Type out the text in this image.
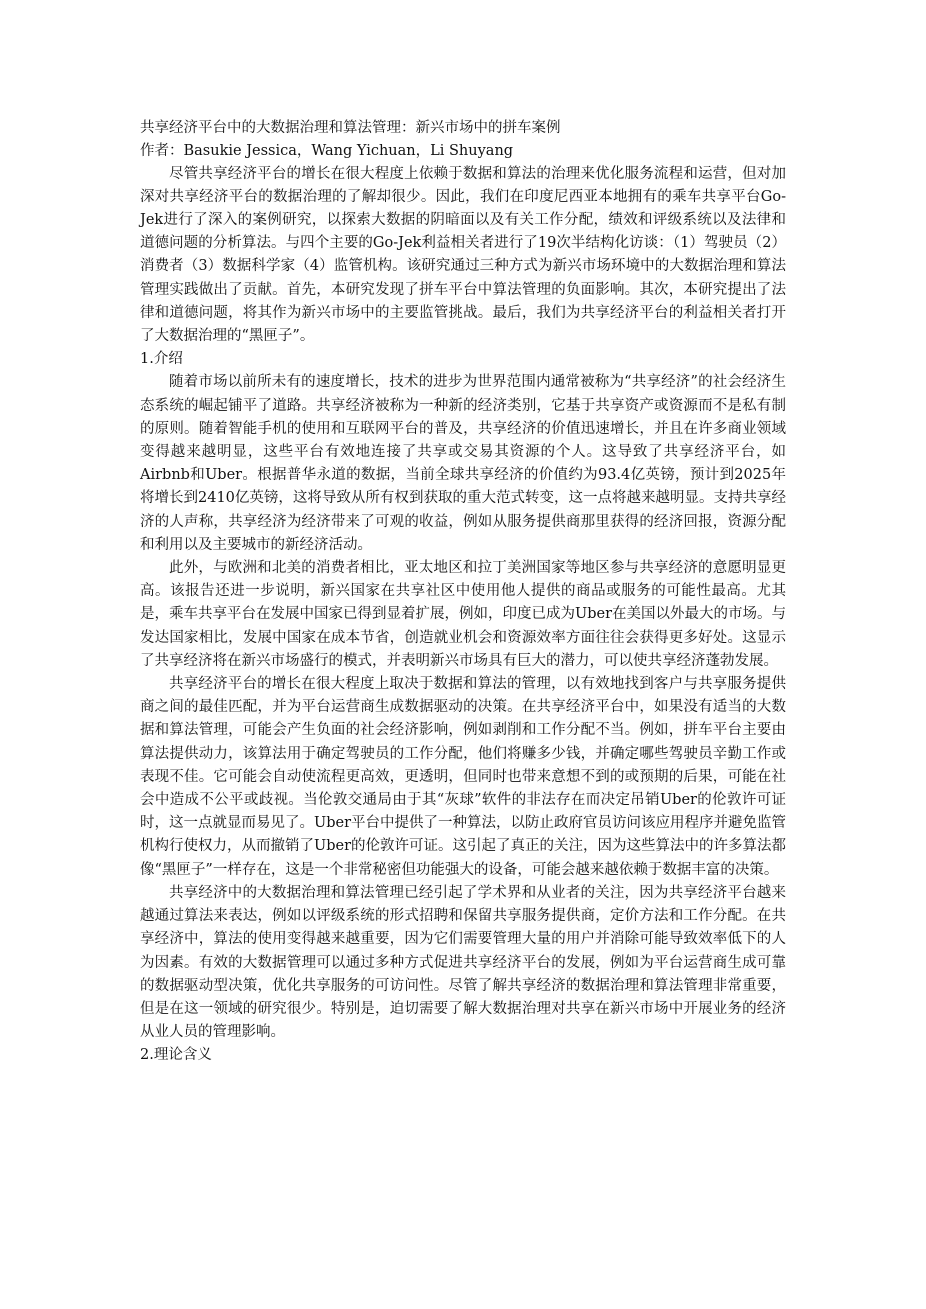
共享经济平台中的大数据治理和算法管理：新兴市场中的拼车案例

作者：Basukie Jessica，Wang Yichuan，Li Shuyang

尽管共享经济平台的增长在很大程度上依赖于数据和算法的治理来优化服务流程和运营，但对加深对共享经济平台的数据治理的了解却很少。因此，我们在印度尼西亚本地拥有的乘车共享平台Go-Jek进行了深入的案例研究，以探索大数据的阴暗面以及有关工作分配，绩效和评级系统以及法律和道德问题的分析算法。与四个主要的Go-Jek利益相关者进行了19次半结构化访谈：（1）驾驶员（2）消费者（3）数据科学家（4）监管机构。该研究通过三种方式为新兴市场环境中的大数据治理和算法管理实践做出了贡献。首先，本研究发现了拼车平台中算法管理的负面影响。其次，本研究提出了法律和道德问题，将其作为新兴市场中的主要监管挑战。最后，我们为共享经济平台的利益相关者打开了大数据治理的“黑匣子”。

1.介绍

随着市场以前所未有的速度增长，技术的进步为世界范围内通常被称为“共享经济”的社会经济生态系统的崛起铺平了道路。共享经济被称为一种新的经济类别，它基于共享资产或资源而不是私有制的原则。随着智能手机的使用和互联网平台的普及，共享经济的价值迅速增长，并且在许多商业领域变得越来越明显，这些平台有效地连接了共享或交易其资源的个人。这导致了共享经济平台，如Airbnb和Uber。根据普华永道的数据，当前全球共享经济的价值约为93.4亿英镑，预计到2025年将增长到2410亿英镑，这将导致从所有权到获取的重大范式转变，这一点将越来越明显。支持共享经济的人声称，共享经济为经济带来了可观的收益，例如从服务提供商那里获得的经济回报，资源分配和利用以及主要城市的新经济活动。

此外，与欧洲和北美的消费者相比，亚太地区和拉丁美洲国家等地区参与共享经济的意愿明显更高。该报告还进一步说明，新兴国家在共享社区中使用他人提供的商品或服务的可能性最高。尤其是，乘车共享平台在发展中国家已得到显着扩展，例如，印度已成为Uber在美国以外最大的市场。与发达国家相比，发展中国家在成本节省，创造就业机会和资源效率方面往往会获得更多好处。这显示了共享经济将在新兴市场盛行的模式，并表明新兴市场具有巨大的潜力，可以使共享经济蓬勃发展。

共享经济平台的增长在很大程度上取决于数据和算法的管理，以有效地找到客户与共享服务提供商之间的最佳匹配，并为平台运营商生成数据驱动的决策。在共享经济平台中，如果没有适当的大数据和算法管理，可能会产生负面的社会经济影响，例如剥削和工作分配不当。例如，拼车平台主要由算法提供动力，该算法用于确定驾驶员的工作分配，他们将赚多少钱，并确定哪些驾驶员辛勤工作或表现不佳。它可能会自动使流程更高效，更透明，但同时也带来意想不到的或预期的后果，可能在社会中造成不公平或歧视。当伦敦交通局由于其“灰球”软件的非法存在而决定吊销Uber的伦敦许可证时，这一点就显而易见了。Uber平台中提供了一种算法，以防止政府官员访问该应用程序并避免监管机构行使权力，从而撤销了Uber的伦敦许可证。这引起了真正的关注，因为这些算法中的许多算法都像“黑匣子”一样存在，这是一个非常秘密但功能强大的设备，可能会越来越依赖于数据丰富的决策。

共享经济中的大数据治理和算法管理已经引起了学术界和从业者的关注，因为共享经济平台越来越通过算法来表达，例如以评级系统的形式招聘和保留共享服务提供商，定价方法和工作分配。在共享经济中，算法的使用变得越来越重要，因为它们需要管理大量的用户并消除可能导致效率低下的人为因素。有效的大数据管理可以通过多种方式促进共享经济平台的发展，例如为平台运营商生成可靠的数据驱动型决策，优化共享服务的可访问性。尽管了解共享经济的数据治理和算法管理非常重要，但是在这一领域的研究很少。特别是，迫切需要了解大数据治理对共享在新兴市场中开展业务的经济从业人员的管理影响。

2.理论含义
